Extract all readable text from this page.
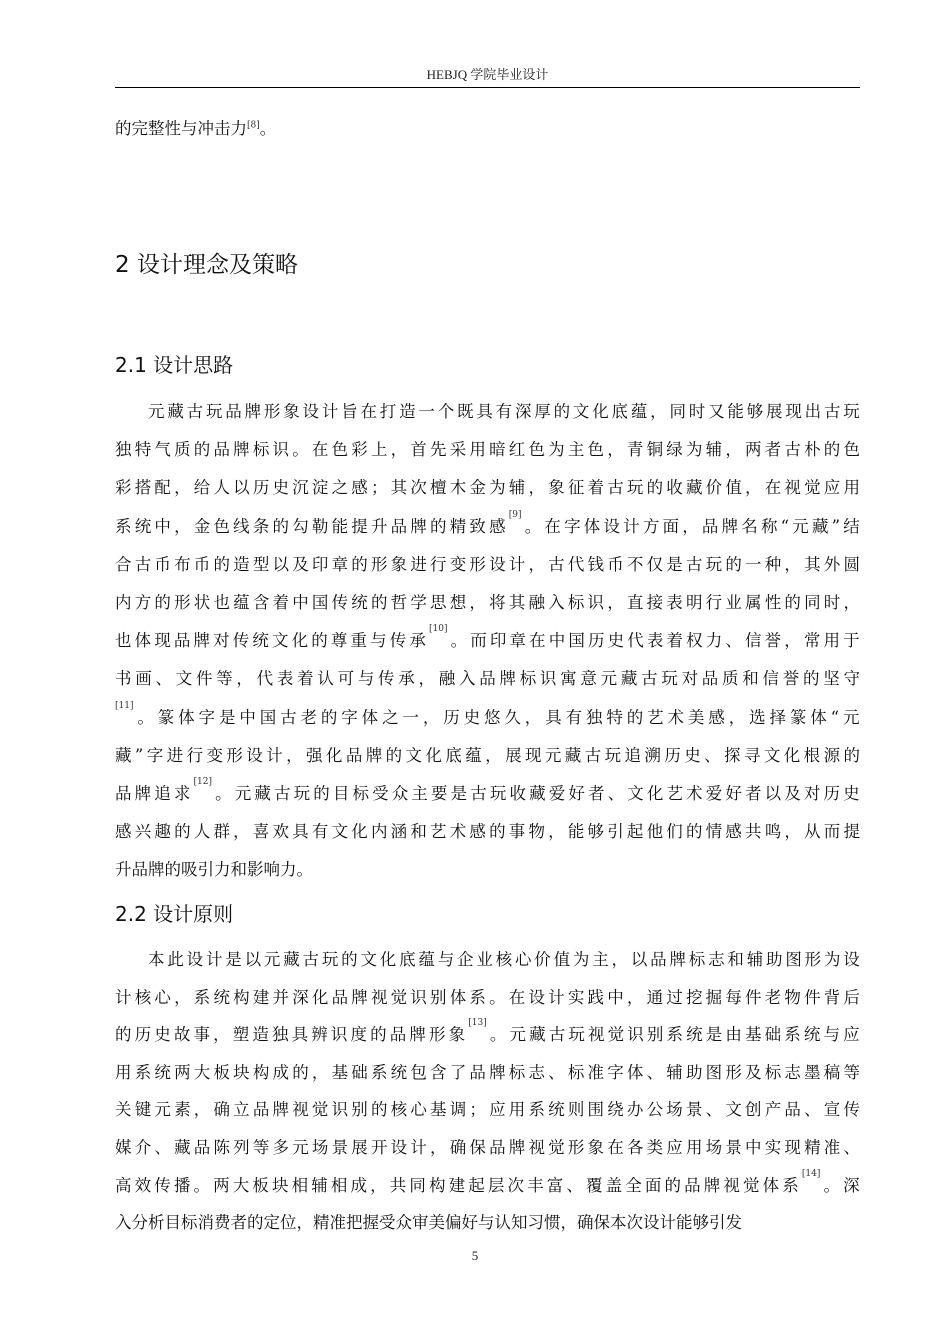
HEBJQ 学院毕业设计
的完整性与冲击力[8]。
2 设计理念及策略
2.1 设计思路
元 藏 古 玩 品 牌 形 象 设 计 旨 在 打 造 一 个 既 具 有 深 厚 的 文 化 底 蕴 ， 同 时 又 能 够 展 现 出 古 玩
独 特 气 质 的 品 牌 标 识 。 在 色 彩 上 ， 首 先 采 用 暗 红 色 为 主 色 ， 青 铜 绿 为 辅 ， 两 者 古 朴 的 色
彩 搭 配 ， 给 人 以 历 史 沉 淀 之 感 ； 其 次 檀 木 金 为 辅 ， 象 征 着 古 玩 的 收 藏 价 值 ， 在 视 觉 应 用
系 统 中 ， 金 色 线 条 的 勾 勒 能 提 升 品 牌 的 精 致 感
[9]
。 在 字 体 设 计 方 面 ， 品 牌 名 称 “ 元 藏 ” 结
合 古 币 布 币 的 造 型 以 及 印 章 的 形 象 进 行 变 形 设 计 ， 古 代 钱 币 不 仅 是 古 玩 的 一 种 ， 其 外 圆
内 方 的 形 状 也 蕴 含 着 中 国 传 统 的 哲 学 思 想 ， 将 其 融 入 标 识 ， 直 接 表 明 行 业 属 性 的 同 时 ，
也 体 现 品 牌 对 传 统 文 化 的 尊 重 与 传 承
[10]
。 而 印 章 在 中 国 历 史 代 表 着 权 力 、 信 誉 ， 常 用 于
书 画 、 文 件 等 ， 代 表 着 认 可 与 传 承 ， 融 入 品 牌 标 识 寓 意 元 藏 古 玩 对 品 质 和 信 誉 的 坚 守
[11]
。 篆 体 字 是 中 国 古 老 的 字 体 之 一 ， 历 史 悠 久 ， 具 有 独 特 的 艺 术 美 感 ， 选 择 篆 体 “ 元
藏 ” 字 进 行 变 形 设 计 ， 强 化 品 牌 的 文 化 底 蕴 ， 展 现 元 藏 古 玩 追 溯 历 史 、 探 寻 文 化 根 源 的
品 牌 追 求
[12]
。 元 藏 古 玩 的 目 标 受 众 主 要 是 古 玩 收 藏 爱 好 者 、 文 化 艺 术 爱 好 者 以 及 对 历 史
感 兴 趣 的 人 群 ， 喜 欢 具 有 文 化 内 涵 和 艺 术 感 的 事 物 ， 能 够 引 起 他 们 的 情 感 共 鸣 ， 从 而 提
升品牌的吸引力和影响力。
2.2 设计原则
本 此 设 计 是 以 元 藏 古 玩 的 文 化 底 蕴 与 企 业 核 心 价 值 为 主 ， 以 品 牌 标 志 和 辅 助 图 形 为 设
计 核 心 ， 系 统 构 建 并 深 化 品 牌 视 觉 识 别 体 系 。 在 设 计 实 践 中 ， 通 过 挖 掘 每 件 老 物 件 背 后
的 历 史 故 事 ， 塑 造 独 具 辨 识 度 的 品 牌 形 象
[13]
。 元 藏 古 玩 视 觉 识 别 系 统 是 由 基 础 系 统 与 应
用 系 统 两 大 板 块 构 成 的 ， 基 础 系 统 包 含 了 品 牌 标 志 、 标 准 字 体 、 辅 助 图 形 及 标 志 墨 稿 等
关 键 元 素 ， 确 立 品 牌 视 觉 识 别 的 核 心 基 调 ； 应 用 系 统 则 围 绕 办 公 场 景 、 文 创 产 品 、 宣 传
媒 介 、 藏 品 陈 列 等 多 元 场 景 展 开 设 计 ， 确 保 品 牌 视 觉 形 象 在 各 类 应 用 场 景 中 实 现 精 准 、
高 效 传 播 。 两 大 板 块 相 辅 相 成 ， 共 同 构 建 起 层 次 丰 富 、 覆 盖 全 面 的 品 牌 视 觉 体 系
[14]
。 深
入分析目标消费者的定位，精准把握受众审美偏好与认知习惯，确保本次设计能够引发
5
